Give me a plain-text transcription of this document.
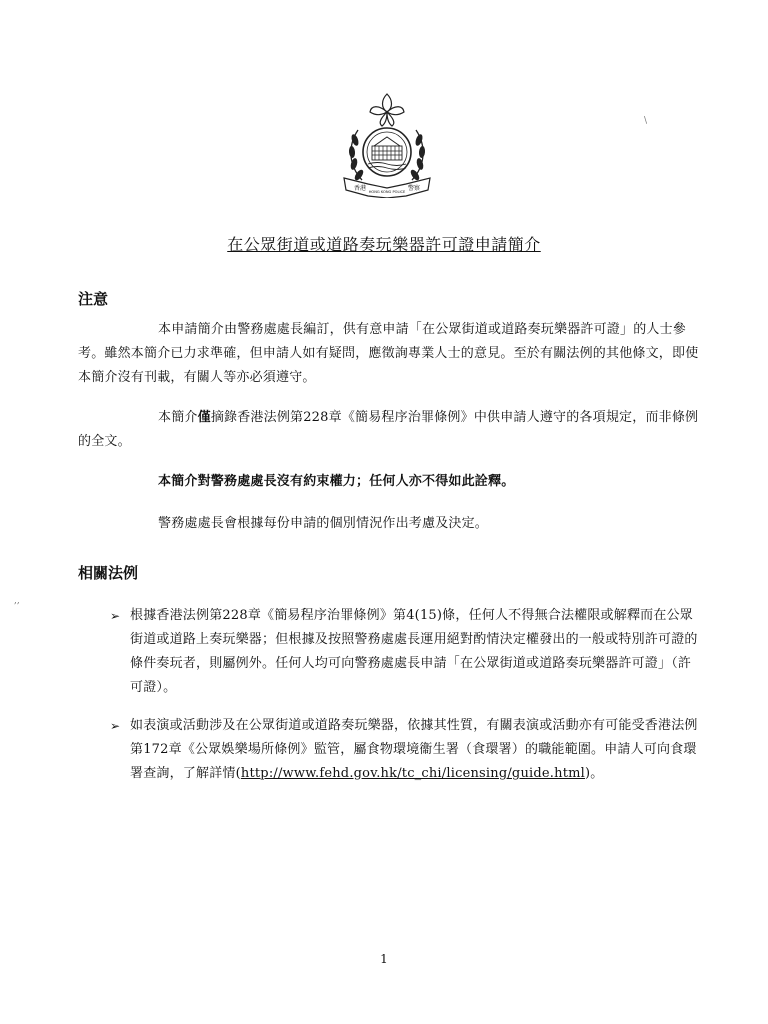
香港 HONG KONG POLICE 警察
\
,,
在公眾街道或道路奏玩樂器許可證申請簡介
注意
本申請簡介由警務處處長編訂，供有意申請「在公眾街道或道路奏玩樂器許可證」的人士參考。雖然本簡介已力求準確，但申請人如有疑問，應徵詢專業人士的意見。至於有關法例的其他條文，即使本簡介沒有刊載，有關人等亦必須遵守。
本簡介僅摘錄香港法例第228章《簡易程序治罪條例》中供申請人遵守的各項規定，而非條例的全文。
本簡介對警務處處長沒有約束權力；任何人亦不得如此詮釋。
警務處處長會根據每份申請的個別情況作出考慮及決定。
相關法例
➢ 根據香港法例第228章《簡易程序治罪條例》第4(15)條，任何人不得無合法權限或解釋而在公眾街道或道路上奏玩樂器；但根據及按照警務處處長運用絕對酌情決定權發出的一般或特別許可證的條件奏玩者，則屬例外。任何人均可向警務處處長申請「在公眾街道或道路奏玩樂器許可證」（許可證）。
➢ 如表演或活動涉及在公眾街道或道路奏玩樂器，依據其性質，有關表演或活動亦有可能受香港法例第172章《公眾娛樂場所條例》監管，屬食物環境衞生署（食環署）的職能範圍。申請人可向食環署查詢，了解詳情(http://www.fehd.gov.hk/tc_chi/licensing/guide.html)。
1
